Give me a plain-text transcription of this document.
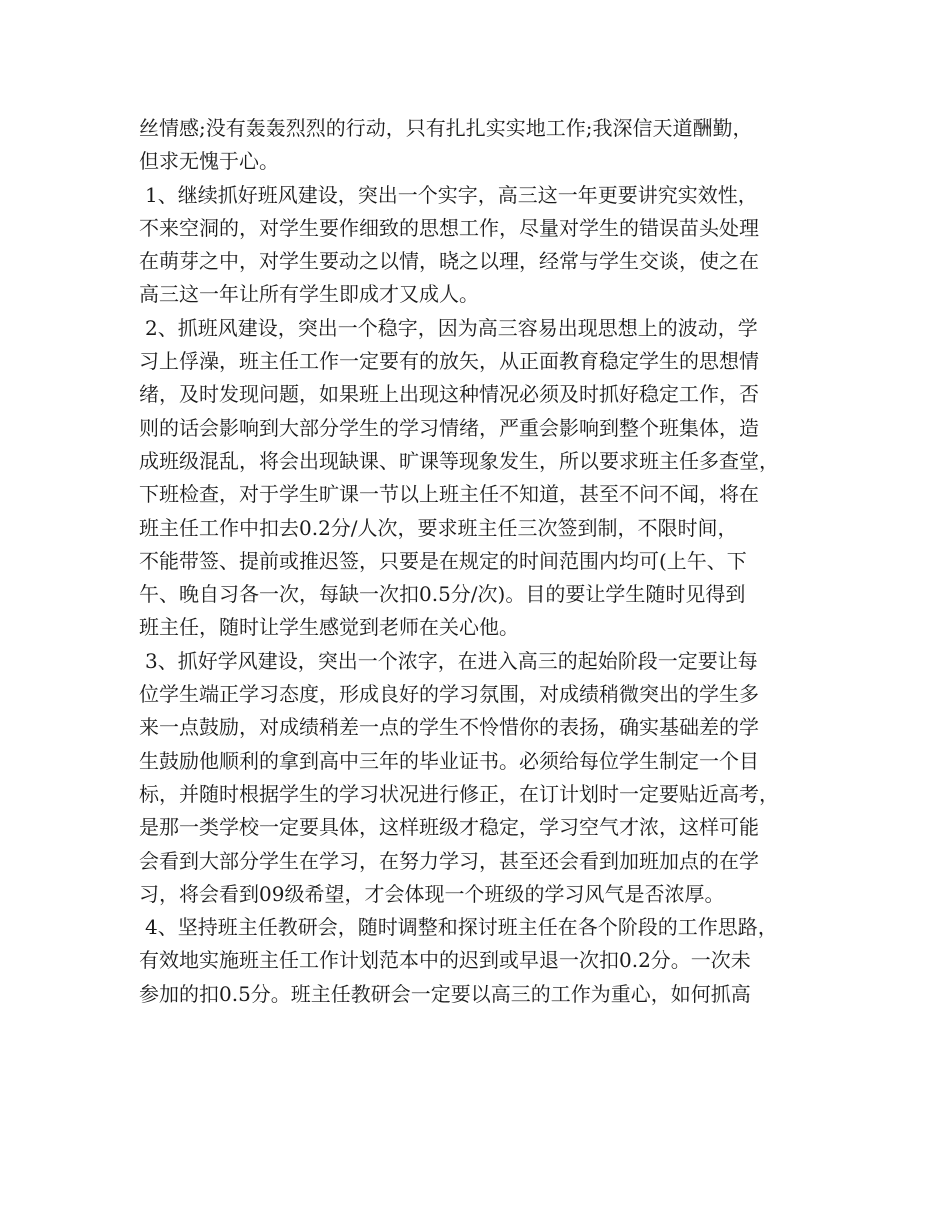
丝情感;没有轰轰烈烈的行动，只有扎扎实实地工作;我深信天道酬勤，
但求无愧于心。
1、继续抓好班风建设，突出一个实字，高三这一年更要讲究实效性，
不来空洞的，对学生要作细致的思想工作，尽量对学生的错误苗头处理
在萌芽之中，对学生要动之以情，晓之以理，经常与学生交谈，使之在
高三这一年让所有学生即成才又成人。
2、抓班风建设，突出一个稳字，因为高三容易出现思想上的波动，学
习上俘澡，班主任工作一定要有的放矢，从正面教育稳定学生的思想情
绪，及时发现问题，如果班上出现这种情况必须及时抓好稳定工作，否
则的话会影响到大部分学生的学习情绪，严重会影响到整个班集体，造
成班级混乱，将会出现缺课、旷课等现象发生，所以要求班主任多查堂，
下班检查，对于学生旷课一节以上班主任不知道，甚至不问不闻，将在
班主任工作中扣去0.2分/人次，要求班主任三次签到制，不限时间，
不能带签、提前或推迟签，只要是在规定的时间范围内均可(上午、下
午、晚自习各一次，每缺一次扣0.5分/次)。目的要让学生随时见得到
班主任，随时让学生感觉到老师在关心他。
3、抓好学风建设，突出一个浓字，在进入高三的起始阶段一定要让每
位学生端正学习态度，形成良好的学习氛围，对成绩稍微突出的学生多
来一点鼓励，对成绩稍差一点的学生不怜惜你的表扬，确实基础差的学
生鼓励他顺利的拿到高中三年的毕业证书。必须给每位学生制定一个目
标，并随时根据学生的学习状况进行修正，在订计划时一定要贴近高考，
是那一类学校一定要具体，这样班级才稳定，学习空气才浓，这样可能
会看到大部分学生在学习，在努力学习，甚至还会看到加班加点的在学
习，将会看到09级希望，才会体现一个班级的学习风气是否浓厚。
4、坚持班主任教研会，随时调整和探讨班主任在各个阶段的工作思路，
有效地实施班主任工作计划范本中的迟到或早退一次扣0.2分。一次未
参加的扣0.5分。班主任教研会一定要以高三的工作为重心，如何抓高
